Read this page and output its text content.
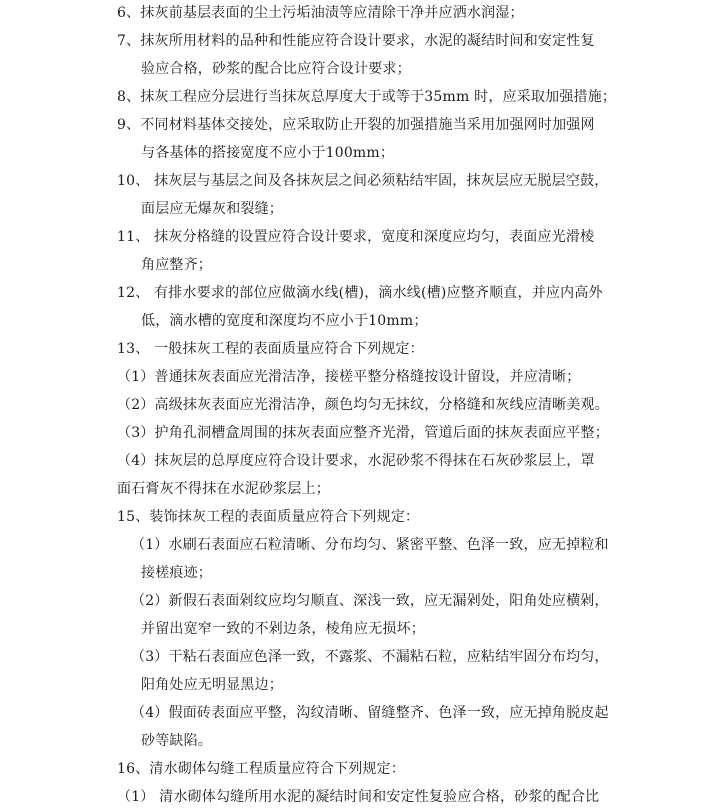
6、抹灰前基层表面的尘土污垢油渍等应清除干净并应洒水润湿；
7、抹灰所用材料的品种和性能应符合设计要求，水泥的凝结时间和安定性复
验应合格，砂浆的配合比应符合设计要求；
8、抹灰工程应分层进行当抹灰总厚度大于或等于35mm 时，应采取加强措施；
9、不同材料基体交接处，应采取防止开裂的加强措施当采用加强网时加强网
与各基体的搭接宽度不应小于100mm；
10、 抹灰层与基层之间及各抹灰层之间必须粘结牢固，抹灰层应无脱层空鼓，
面层应无爆灰和裂缝；
11、 抹灰分格缝的设置应符合设计要求，宽度和深度应均匀，表面应光滑棱
角应整齐；
12、 有排水要求的部位应做滴水线(槽)，滴水线(槽)应整齐顺直，并应内高外
低，滴水槽的宽度和深度均不应小于10mm；
13、 一般抹灰工程的表面质量应符合下列规定：
（1）普通抹灰表面应光滑洁净，接槎平整分格缝按设计留设，并应清晰；
（2）高级抹灰表面应光滑洁净，颜色均匀无抹纹，分格缝和灰线应清晰美观。
（3）护角孔洞槽盒周围的抹灰表面应整齐光滑，管道后面的抹灰表面应平整；
（4）抹灰层的总厚度应符合设计要求，水泥砂浆不得抹在石灰砂浆层上，罩
面石膏灰不得抹在水泥砂浆层上；
15、装饰抹灰工程的表面质量应符合下列规定：
（1）水刷石表面应石粒清晰、分布均匀、紧密平整、色泽一致，应无掉粒和
接槎痕迹；
（2）新假石表面剁纹应均匀顺直、深浅一致，应无漏剁处，阳角处应横剁，
并留出宽窄一致的不剁边条，棱角应无损坏；
（3）干粘石表面应色泽一致，不露浆、不漏粘石粒，应粘结牢固分布均匀，
阳角处应无明显黑边；
（4）假面砖表面应平整，沟纹清晰、留缝整齐、色泽一致，应无掉角脱皮起
砂等缺陷。
16、清水砌体勾缝工程质量应符合下列规定：
（1） 清水砌体勾缝所用水泥的凝结时间和安定性复验应合格，砂浆的配合比
